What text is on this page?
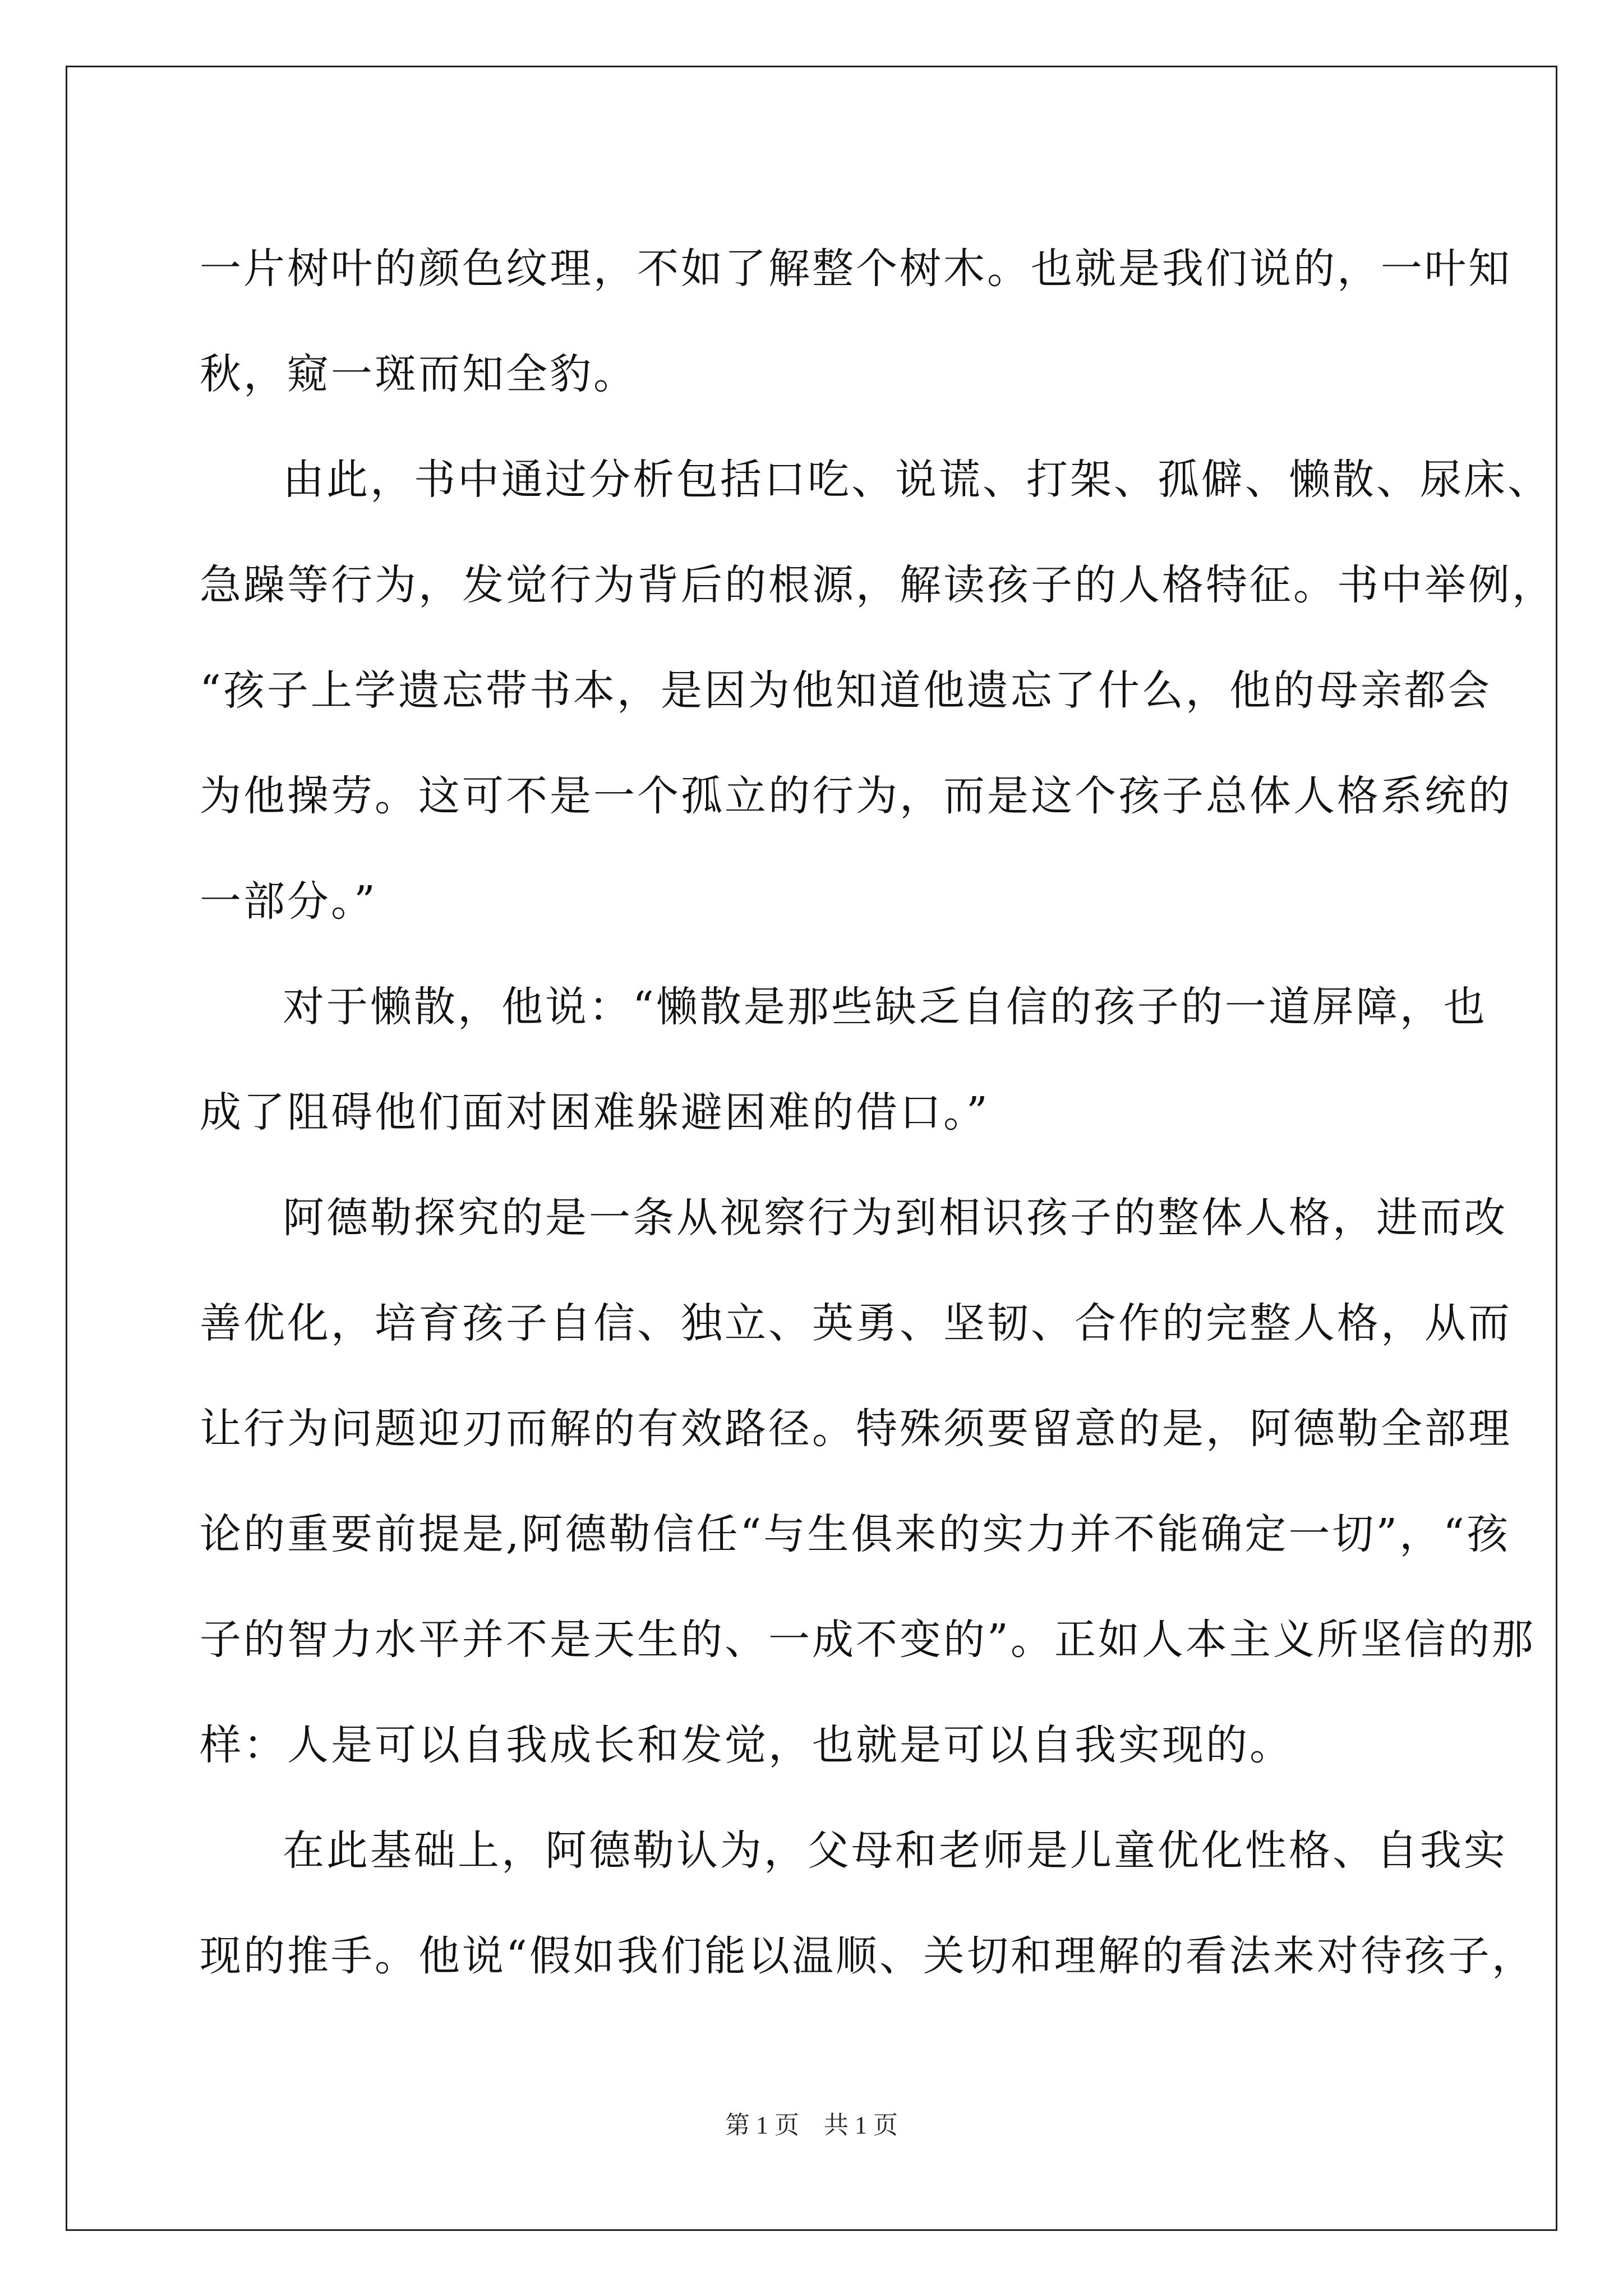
一片树叶的颜色纹理，不如了解整个树木。也就是我们说的，一叶知
秋，窥一斑而知全豹。

由此，书中通过分析包括口吃、说谎、打架、孤僻、懒散、尿床、
急躁等行为，发觉行为背后的根源，解读孩子的人格特征。书中举例，
“孩子上学遗忘带书本，是因为他知道他遗忘了什么，他的母亲都会
为他操劳。这可不是一个孤立的行为，而是这个孩子总体人格系统的
一部分。”

对于懒散，他说：“懒散是那些缺乏自信的孩子的一道屏障，也
成了阻碍他们面对困难躲避困难的借口。”

阿德勒探究的是一条从视察行为到相识孩子的整体人格，进而改
善优化，培育孩子自信、独立、英勇、坚韧、合作的完整人格，从而
让行为问题迎刃而解的有效路径。特殊须要留意的是，阿德勒全部理
论的重要前提是,阿德勒信任“与生俱来的实力并不能确定一切”，“孩
子的智力水平并不是天生的、一成不变的”。正如人本主义所坚信的那
样：人是可以自我成长和发觉，也就是可以自我实现的。

在此基础上，阿德勒认为，父母和老师是儿童优化性格、自我实
现的推手。他说“假如我们能以温顺、关切和理解的看法来对待孩子，

第 1 页 共 1 页
